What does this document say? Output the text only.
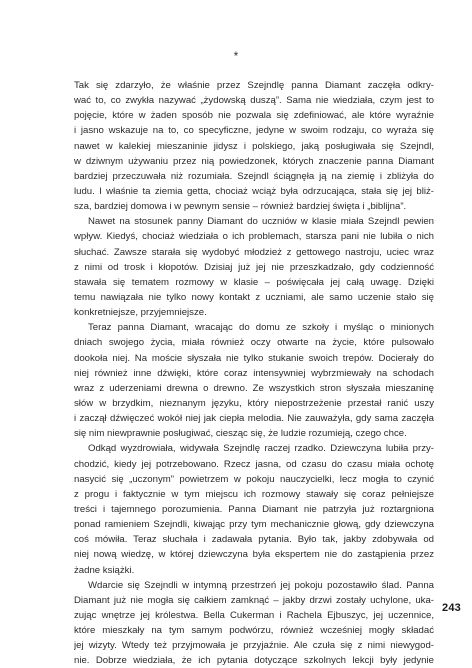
*
Tak się zdarzyło, że właśnie przez Szejndlę panna Diamant zaczęła odkry-
wać to, co zwykła nazywać „żydowską duszą”. Sama nie wiedziała, czym jest to
pojęcie, które w żaden sposób nie pozwala się zdefiniować, ale które wyraźnie
i jasno wskazuje na to, co specyficzne, jedyne w swoim rodzaju, co wyraża się
nawet w kalekiej mieszaninie jidysz i polskiego, jaką posługiwała się Szejndl,
w dziwnym używaniu przez nią powiedzonek, których znaczenie panna Diamant
bardziej przeczuwała niż rozumiała. Szejndl ściągnęła ją na ziemię i zbliżyła do
ludu. I właśnie ta ziemia getta, chociaż wciąż była odrzucająca, stała się jej bliż-
sza, bardziej domowa i w pewnym sensie – również bardziej święta i „biblijna”.
Nawet na stosunek panny Diamant do uczniów w klasie miała Szejndl pewien
wpływ. Kiedyś, chociaż wiedziała o ich problemach, starsza pani nie lubiła o nich
słuchać. Zawsze starała się wydobyć młodzież z gettowego nastroju, uciec wraz
z nimi od trosk i kłopotów. Dzisiaj już jej nie przeszkadzało, gdy codzienność
stawała się tematem rozmowy w klasie – poświęcała jej całą uwagę. Dzięki
temu nawiązała nie tylko nowy kontakt z uczniami, ale samo uczenie stało się
konkretniejsze, przyjemniejsze.
Teraz panna Diamant, wracając do domu ze szkoły i myśląc o minionych
dniach swojego życia, miała również oczy otwarte na życie, które pulsowało
dookoła niej. Na moście słyszała nie tylko stukanie swoich trepów. Docierały do
niej również inne dźwięki, które coraz intensywniej wybrzmiewały na schodach
wraz z uderzeniami drewna o drewno. Ze wszystkich stron słyszała mieszaninę
słów w brzydkim, nieznanym języku, który niepostrzeżenie przestał ranić uszy
i zaczął dźwięczeć wokół niej jak ciepła melodia. Nie zauważyła, gdy sama zaczęła
się nim niewprawnie posługiwać, ciesząc się, że ludzie rozumieją, czego chce.
Odkąd wyzdrowiała, widywała Szejndlę raczej rzadko. Dziewczyna lubiła przy-
chodzić, kiedy jej potrzebowano. Rzecz jasna, od czasu do czasu miała ochotę
nasycić się „uczonym” powietrzem w pokoju nauczycielki, lecz mogła to czynić
z progu i faktycznie w tym miejscu ich rozmowy stawały się coraz pełniejsze
treści i tajemnego porozumienia. Panna Diamant nie patrzyła już roztargniona
ponad ramieniem Szejndli, kiwając przy tym mechanicznie głową, gdy dziewczyna
coś mówiła. Teraz słuchała i zadawała pytania. Było tak, jakby zdobywała od
niej nową wiedzę, w której dziewczyna była ekspertem nie do zastąpienia przez
żadne książki.
Wdarcie się Szejndli w intymną przestrzeń jej pokoju pozostawiło ślad. Panna
Diamant już nie mogła się całkiem zamknąć – jakby drzwi zostały uchylone, uka-
zując wnętrze jej królestwa. Bella Cukerman i Rachela Ejbuszyc, jej uczennice,
które mieszkały na tym samym podwórzu, również wcześniej mogły składać
jej wizyty. Wtedy też przyjmowała je przyjaźnie. Ale czuła się z nimi niewygod-
nie. Dobrze wiedziała, że ich pytania dotyczące szkolnych lekcji były jedynie
243
